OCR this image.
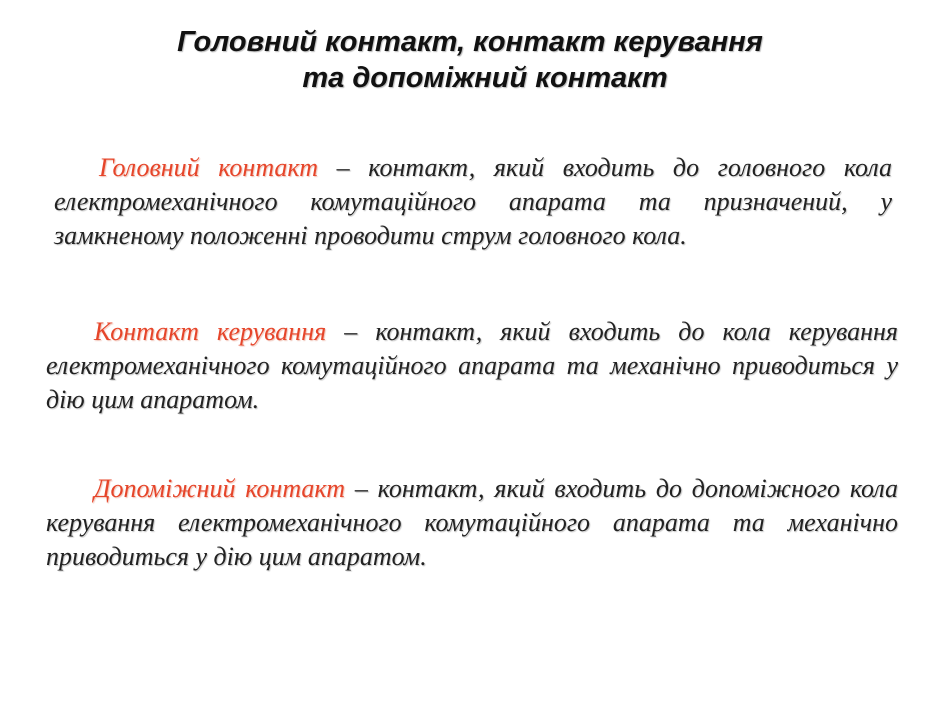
Головний контакт, контакт керування
та допоміжний контакт

Головний контакт – контакт, який входить до головного кола електромеханічного комутаційного апарата та призначений, у замкненому положенні проводити струм головного кола.

Контакт керування – контакт, який входить до кола керування електромеханічного комутаційного апарата та механічно приводиться у дію цим апаратом.

Допоміжний контакт – контакт, який входить до допоміжного кола керування електромеханічного комутаційного апарата та механічно приводиться у дію цим апаратом.
